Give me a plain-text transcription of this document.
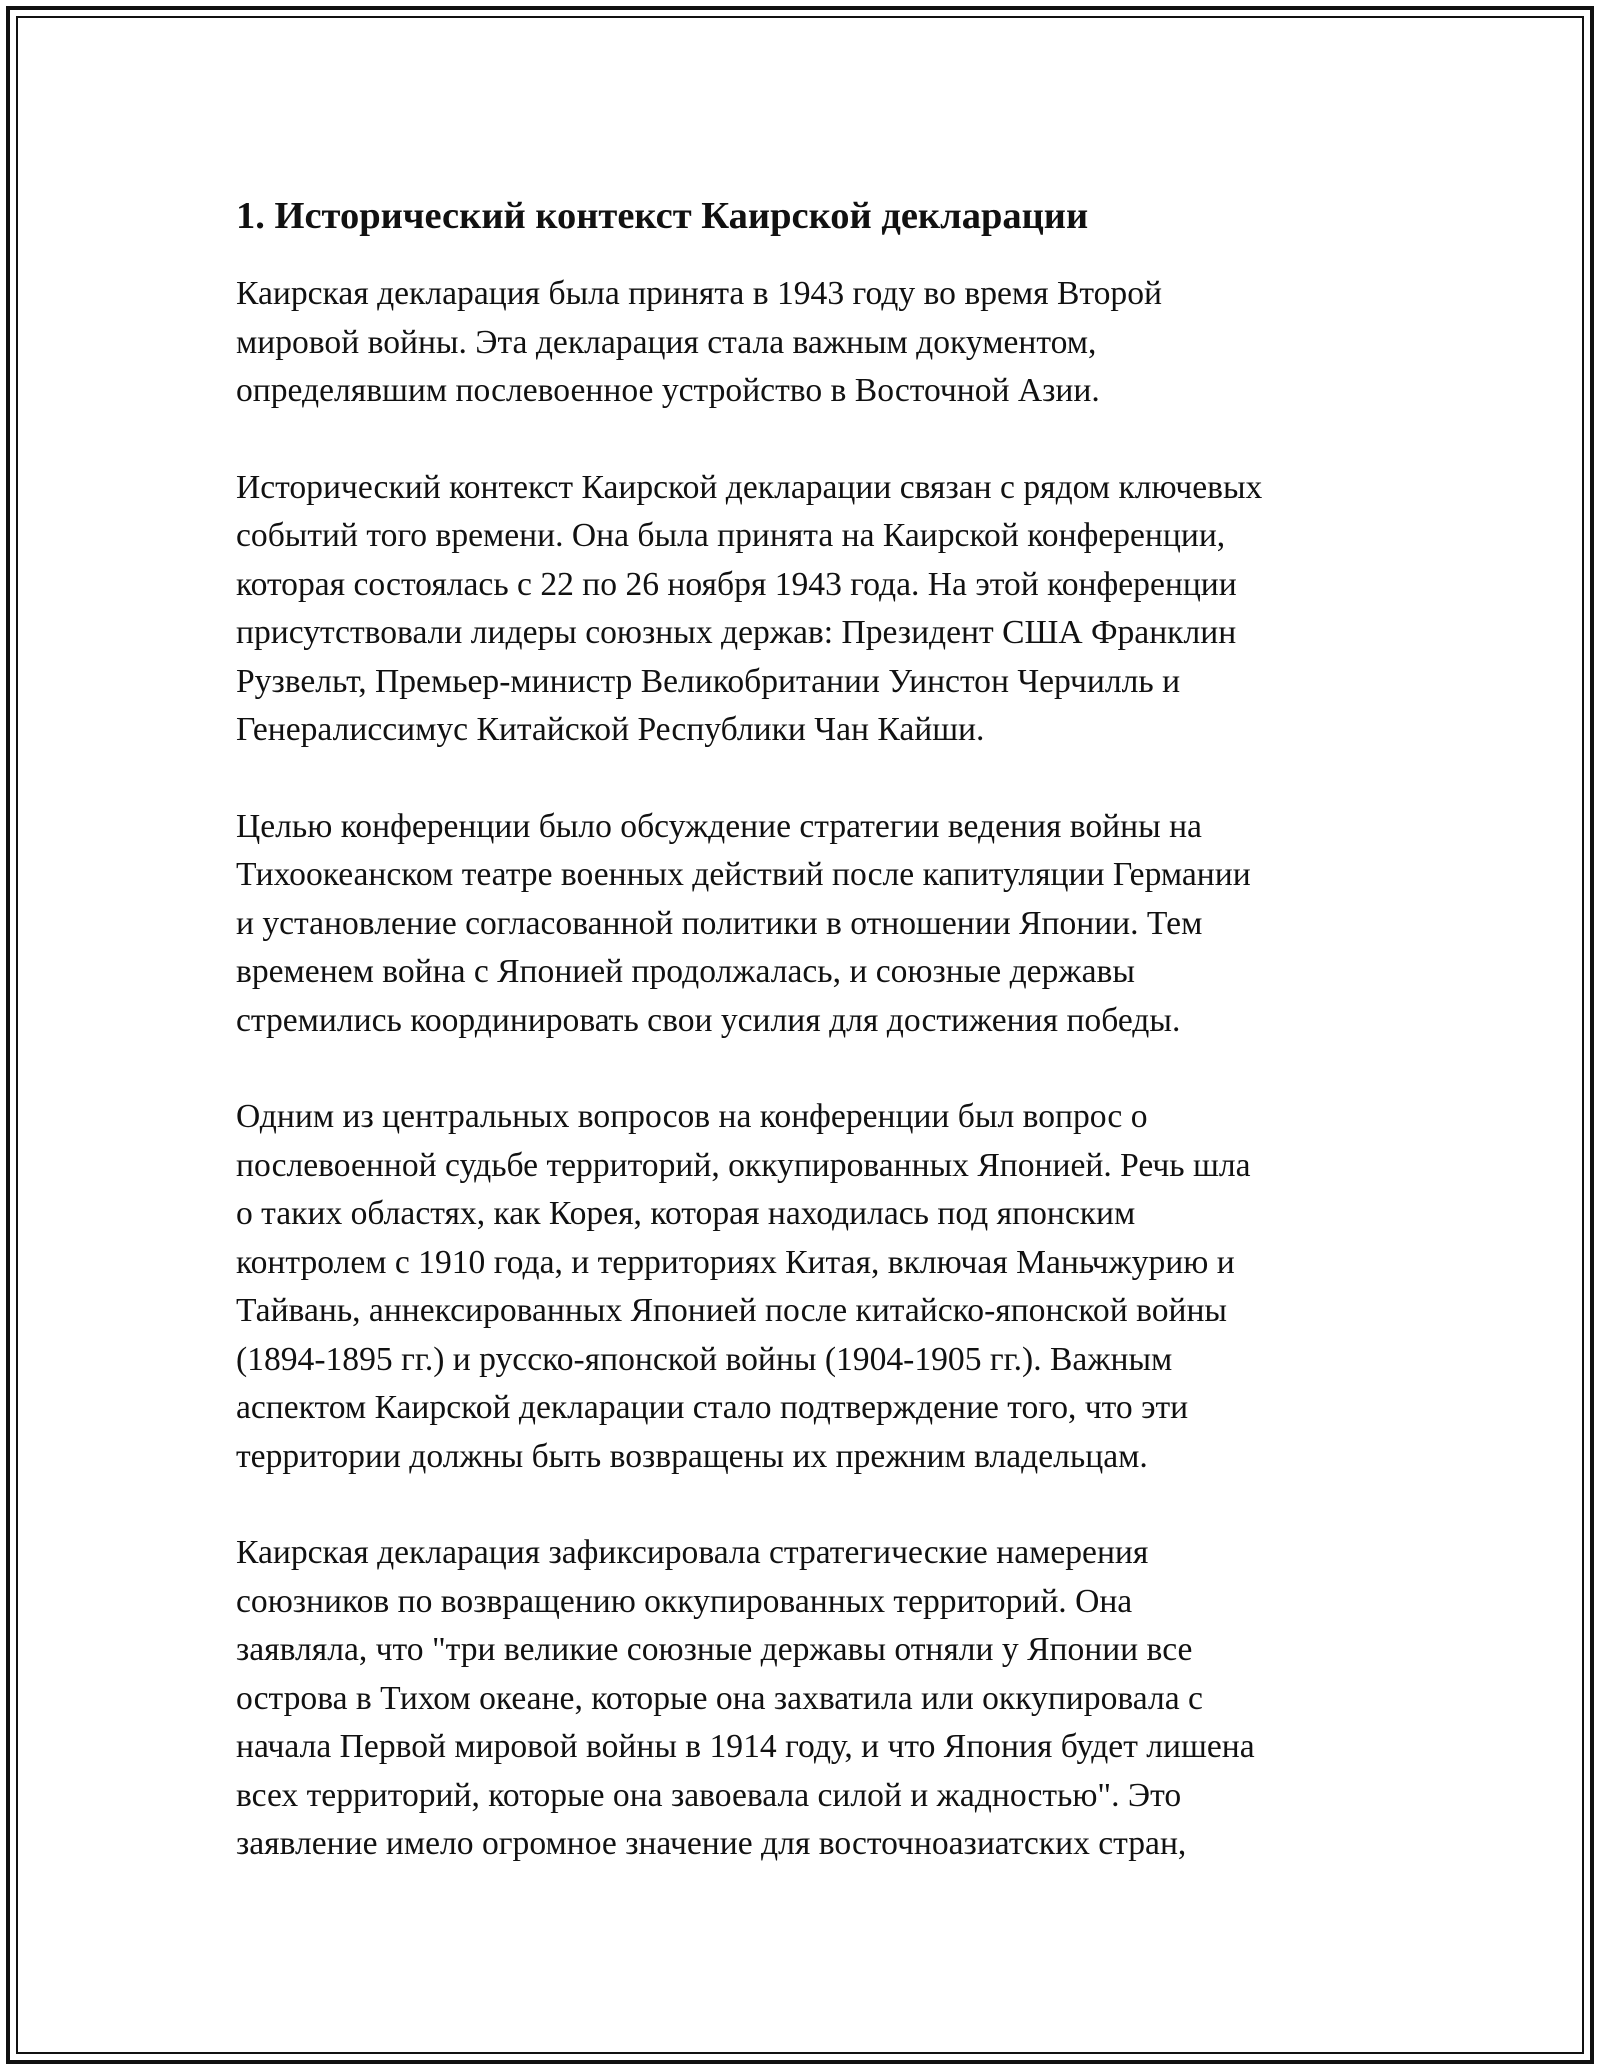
1. Исторический контекст Каирской декларации

Каирская декларация была принята в 1943 году во время Второй
мировой войны. Эта декларация стала важным документом,
определявшим послевоенное устройство в Восточной Азии.

Исторический контекст Каирской декларации связан с рядом ключевых
событий того времени. Она была принята на Каирской конференции,
которая состоялась с 22 по 26 ноября 1943 года. На этой конференции
присутствовали лидеры союзных держав: Президент США Франклин
Рузвельт, Премьер-министр Великобритании Уинстон Черчилль и
Генералиссимус Китайской Республики Чан Кайши.

Целью конференции было обсуждение стратегии ведения войны на
Тихоокеанском театре военных действий после капитуляции Германии
и установление согласованной политики в отношении Японии. Тем
временем война с Японией продолжалась, и союзные державы
стремились координировать свои усилия для достижения победы.

Одним из центральных вопросов на конференции был вопрос о
послевоенной судьбе территорий, оккупированных Японией. Речь шла
о таких областях, как Корея, которая находилась под японским
контролем с 1910 года, и территориях Китая, включая Маньчжурию и
Тайвань, аннексированных Японией после китайско-японской войны
(1894-1895 гг.) и русско-японской войны (1904-1905 гг.). Важным
аспектом Каирской декларации стало подтверждение того, что эти
территории должны быть возвращены их прежним владельцам.

Каирская декларация зафиксировала стратегические намерения
союзников по возвращению оккупированных территорий. Она
заявляла, что "три великие союзные державы отняли у Японии все
острова в Тихом океане, которые она захватила или оккупировала с
начала Первой мировой войны в 1914 году, и что Япония будет лишена
всех территорий, которые она завоевала силой и жадностью". Это
заявление имело огромное значение для восточноазиатских стран,
